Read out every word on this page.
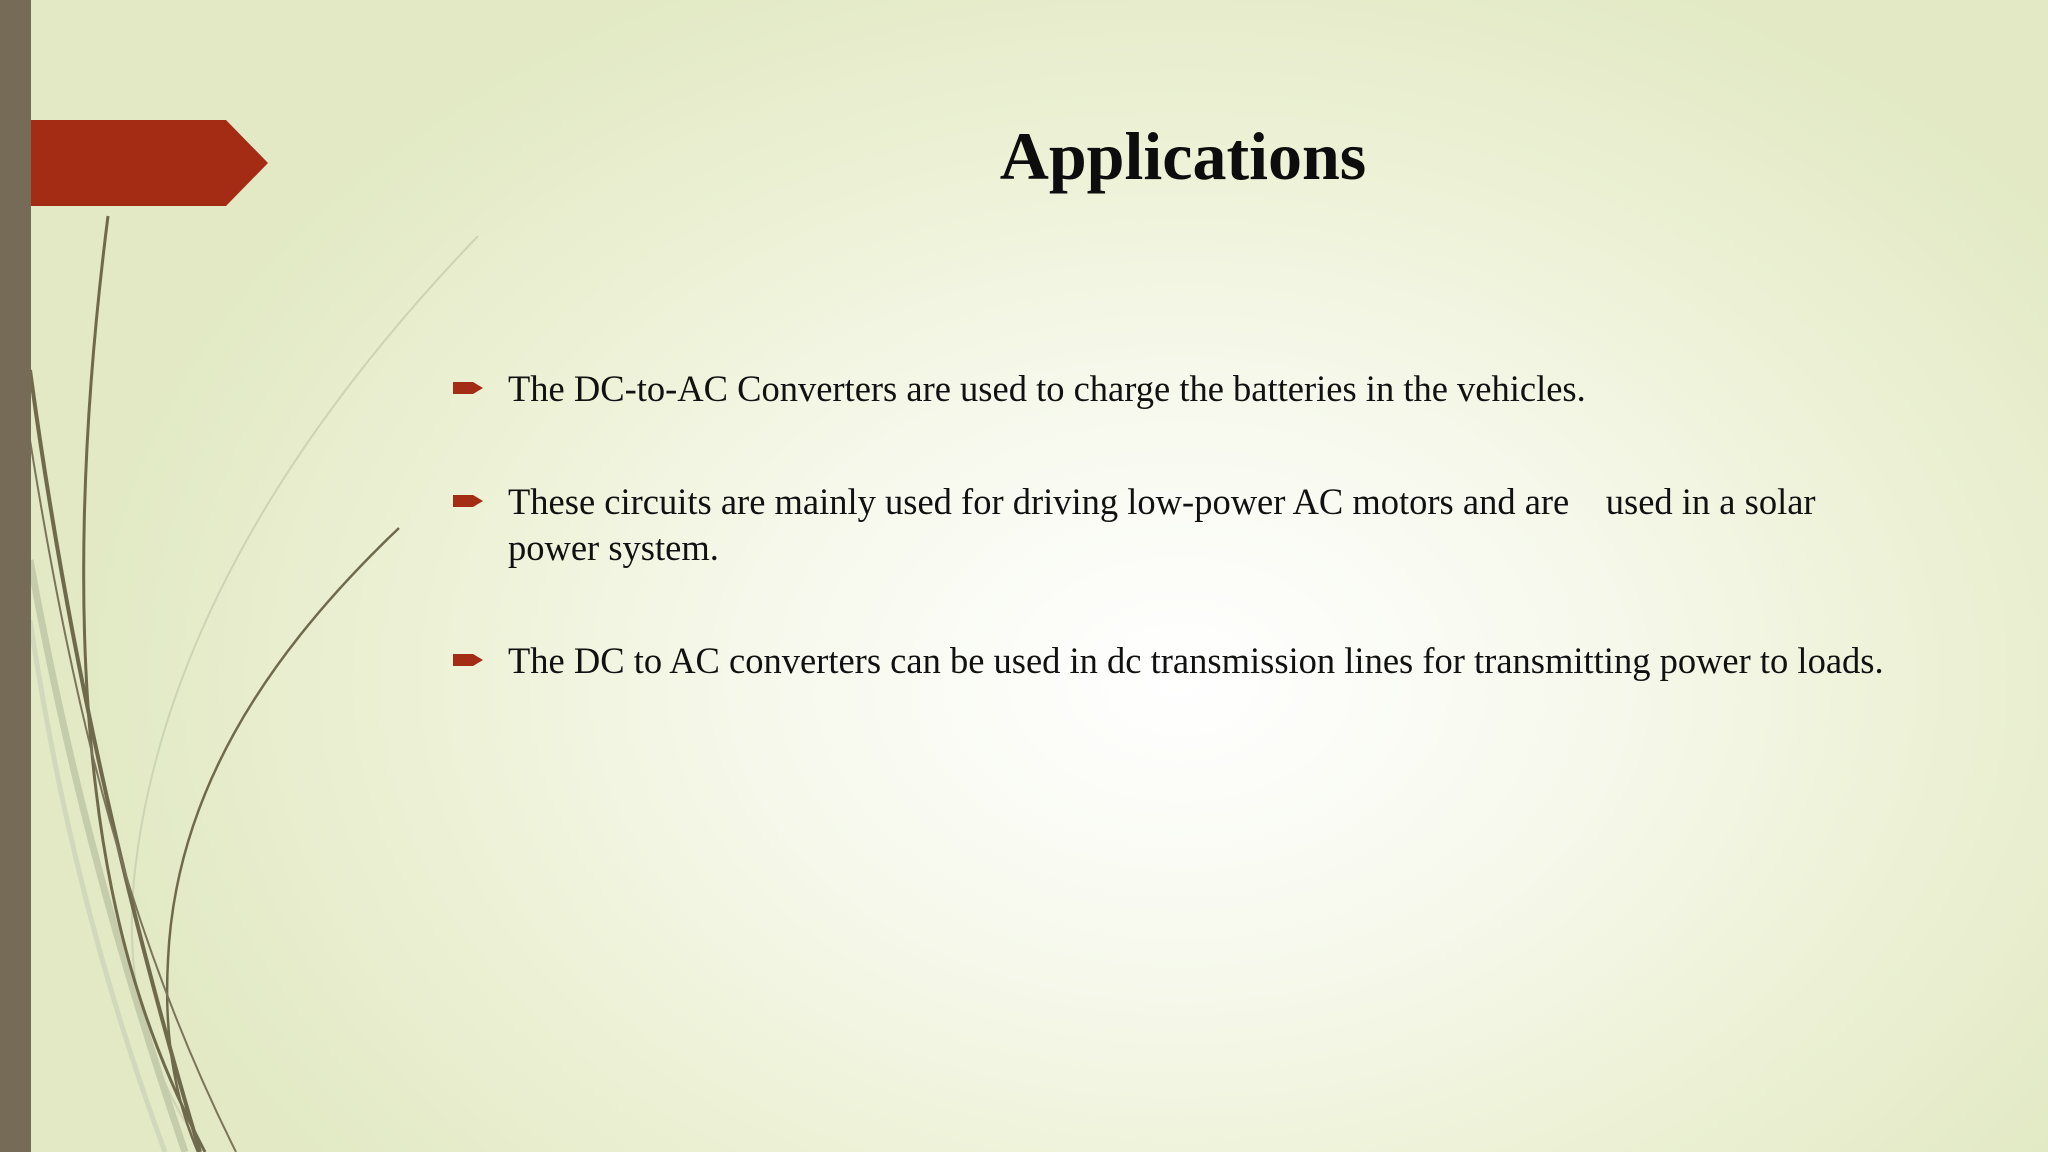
Applications
The DC-to-AC Converters are used to charge the batteries in the vehicles.
These circuits are mainly used for driving low-power AC motors and are    used in a solar power system.
The DC to AC converters can be used in dc transmission lines for transmitting power to loads.
